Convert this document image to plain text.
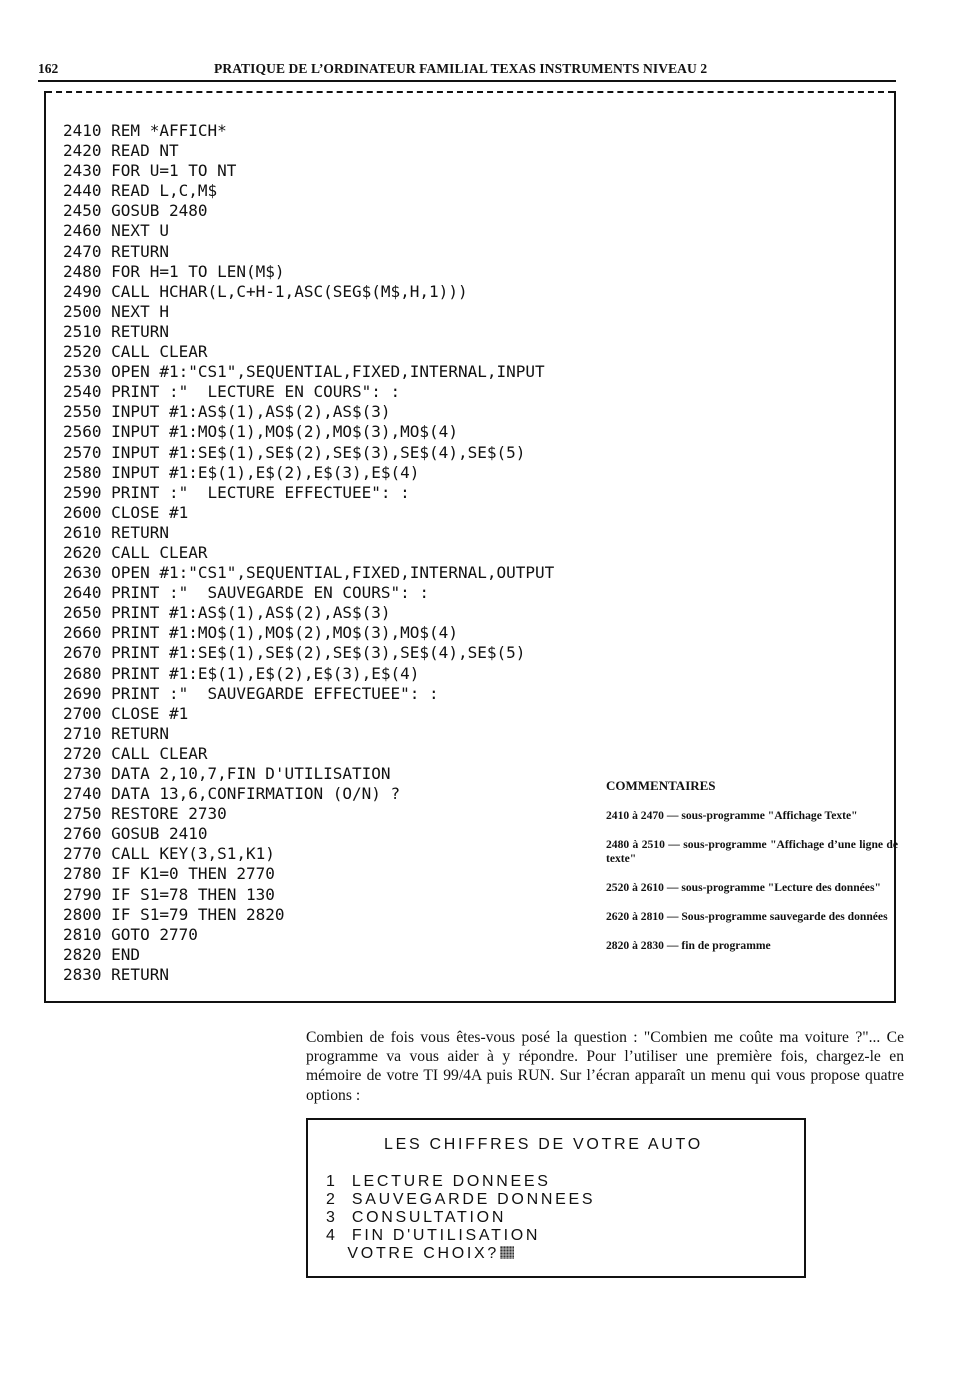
162	PRATIQUE DE L’ORDINATEUR FAMILIAL TEXAS INSTRUMENTS NIVEAU 2
2410 REM *AFFICH*
2420 READ NT
2430 FOR U=1 TO NT
2440 READ L,C,M$
2450 GOSUB 2480
2460 NEXT U
2470 RETURN
2480 FOR H=1 TO LEN(M$)
2490 CALL HCHAR(L,C+H-1,ASC(SEG$(M$,H,1)))
2500 NEXT H
2510 RETURN
2520 CALL CLEAR
2530 OPEN #1:"CS1",SEQUENTIAL,FIXED,INTERNAL,INPUT
2540 PRINT :"  LECTURE EN COURS": :
2550 INPUT #1:AS$(1),AS$(2),AS$(3)
2560 INPUT #1:MO$(1),MO$(2),MO$(3),MO$(4)
2570 INPUT #1:SE$(1),SE$(2),SE$(3),SE$(4),SE$(5)
2580 INPUT #1:E$(1),E$(2),E$(3),E$(4)
2590 PRINT :"  LECTURE EFFECTUEE": :
2600 CLOSE #1
2610 RETURN
2620 CALL CLEAR
2630 OPEN #1:"CS1",SEQUENTIAL,FIXED,INTERNAL,OUTPUT
2640 PRINT :"  SAUVEGARDE EN COURS": :
2650 PRINT #1:AS$(1),AS$(2),AS$(3)
2660 PRINT #1:MO$(1),MO$(2),MO$(3),MO$(4)
2670 PRINT #1:SE$(1),SE$(2),SE$(3),SE$(4),SE$(5)
2680 PRINT #1:E$(1),E$(2),E$(3),E$(4)
2690 PRINT :"  SAUVEGARDE EFFECTUEE": :
2700 CLOSE #1
2710 RETURN
2720 CALL CLEAR
2730 DATA 2,10,7,FIN D'UTILISATION
2740 DATA 13,6,CONFIRMATION (O/N) ?
2750 RESTORE 2730
2760 GOSUB 2410
2770 CALL KEY(3,S1,K1)
2780 IF K1=0 THEN 2770
2790 IF S1=78 THEN 130
2800 IF S1=79 THEN 2820
2810 GOTO 2770
2820 END
2830 RETURN
COMMENTAIRES
2410 à 2470 — sous-programme "Affichage Texte"
2480 à 2510 — sous-programme "Affichage d’une ligne de texte"
2520 à 2610 — sous-programme "Lecture des données"
2620 à 2810 — Sous-programme sauvegarde des données
2820 à 2830 — fin de programme

Combien de fois vous êtes-vous posé la question : "Combien me coûte ma voiture ?"... Ce programme va vous aider à y répondre. Pour l’utiliser une première fois, chargez-le en mémoire de votre TI 99/4A puis RUN. Sur l’écran apparaît un menu qui vous propose quatre options :

LES CHIFFRES DE VOTRE AUTO
1  LECTURE DONNEES
2  SAUVEGARDE DONNEES
3  CONSULTATION
4  FIN D'UTILISATION
VOTRE CHOIX?
